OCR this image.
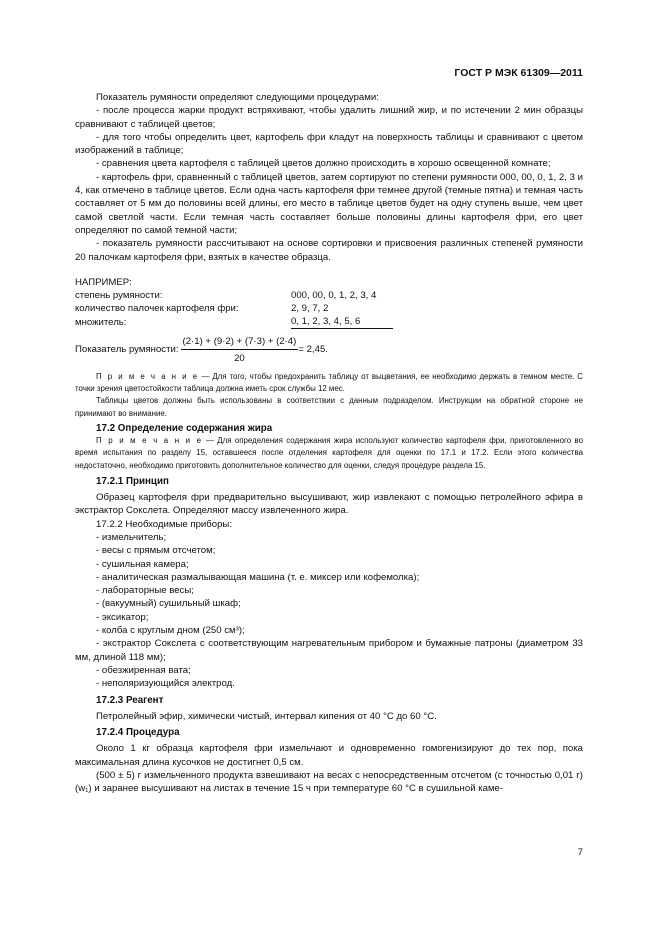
ГОСТ Р МЭК 61309—2011

Показатель румяности определяют следующими процедурами:

- после процесса жарки продукт встряхивают, чтобы удалить лишний жир, и по истечении 2 мин образцы сравнивают с таблицей цветов;

- для того чтобы определить цвет, картофель фри кладут на поверхность таблицы и сравнивают с цветом изображений в таблице;

- сравнения цвета картофеля с таблицей цветов должно происходить в хорошо освещенной комнате;

- картофель фри, сравненный с таблицей цветов, затем сортируют по степени румяности 000, 00, 0, 1, 2, 3 и 4, как отмечено в таблице цветов. Если одна часть картофеля фри темнее другой (темные пятна) и темная часть составляет от 5 мм до половины всей длины, его место в таблице цветов будет на одну ступень выше, чем цвет самой светлой части. Если темная часть составляет больше половины длины картофеля фри, его цвет определяют по самой темной части;

- показатель румяности рассчитывают на основе сортировки и присвоения различных степеней румяности 20 палочкам картофеля фри, взятых в качестве образца.

НАПРИМЕР:

степень румяности:	000, 00, 0, 1, 2, 3, 4
количество палочек картофеля фри:	2, 9, 7, 2
множитель:	0, 1, 2, 3, 4, 5, 6
Показатель румяности: $\frac{(2\cdot 1) + (9\cdot 2) + (7\cdot 3) + (2\cdot 4)}{20} = 2,45$.

П р и м е ч а н и е — Для того, чтобы предохранить таблицу от выцветания, ее необходимо держать в темном месте. С точки зрения цветостойкости таблица должна иметь срок службы 12 мес.

Таблицы цветов должны быть использованы в соответствии с данным подразделом. Инструкции на обратной стороне не принимают во внимание.

17.2 Определение содержания жира

П р и м е ч а н и е — Для определения содержания жира используют количество картофеля фри, приготовленного во время испытания по разделу 15, оставшееся после отделения картофеля для оценки по 17.1 и 17.2. Если этого количества недостаточно, необходимо приготовить дополнительное количество для оценки, следуя процедуре раздела 15.

17.2.1 Принцип

Образец картофеля фри предварительно высушивают, жир извлекают с помощью петролейного эфира в экстрактор Сокслета. Определяют массу извлеченного жира.

17.2.2 Необходимые приборы:

- измельчитель;

- весы с прямым отсчетом;

- сушильная камера;

- аналитическая размалывающая машина (т. е. миксер или кофемолка);

- лабораторные весы;

- (вакуумный) сушильный шкаф;

- эксикатор;

- колба с круглым дном (250 см³);

- экстрактор Сокслета с соответствующим нагревательным прибором и бумажные патроны (диаметром 33 мм, длиной 118 мм);

- обезжиренная вата;

- неполяризующийся электрод.

17.2.3 Реагент

Петролейный эфир, химически чистый, интервал кипения от 40 °С до 60 °С.

17.2.4 Процедура

Около 1 кг образца картофеля фри измельчают и одновременно гомогенизируют до тех пор, пока максимальная длина кусочков не достигнет 0,5 см.

(500 ± 5) г измельченного продукта взвешивают на весах с непосредственным отсчетом (с точностью 0,01 г) (w₁) и заранее высушивают на листах в течение 15 ч при температуре 60 °С в сушильной каме-

7
